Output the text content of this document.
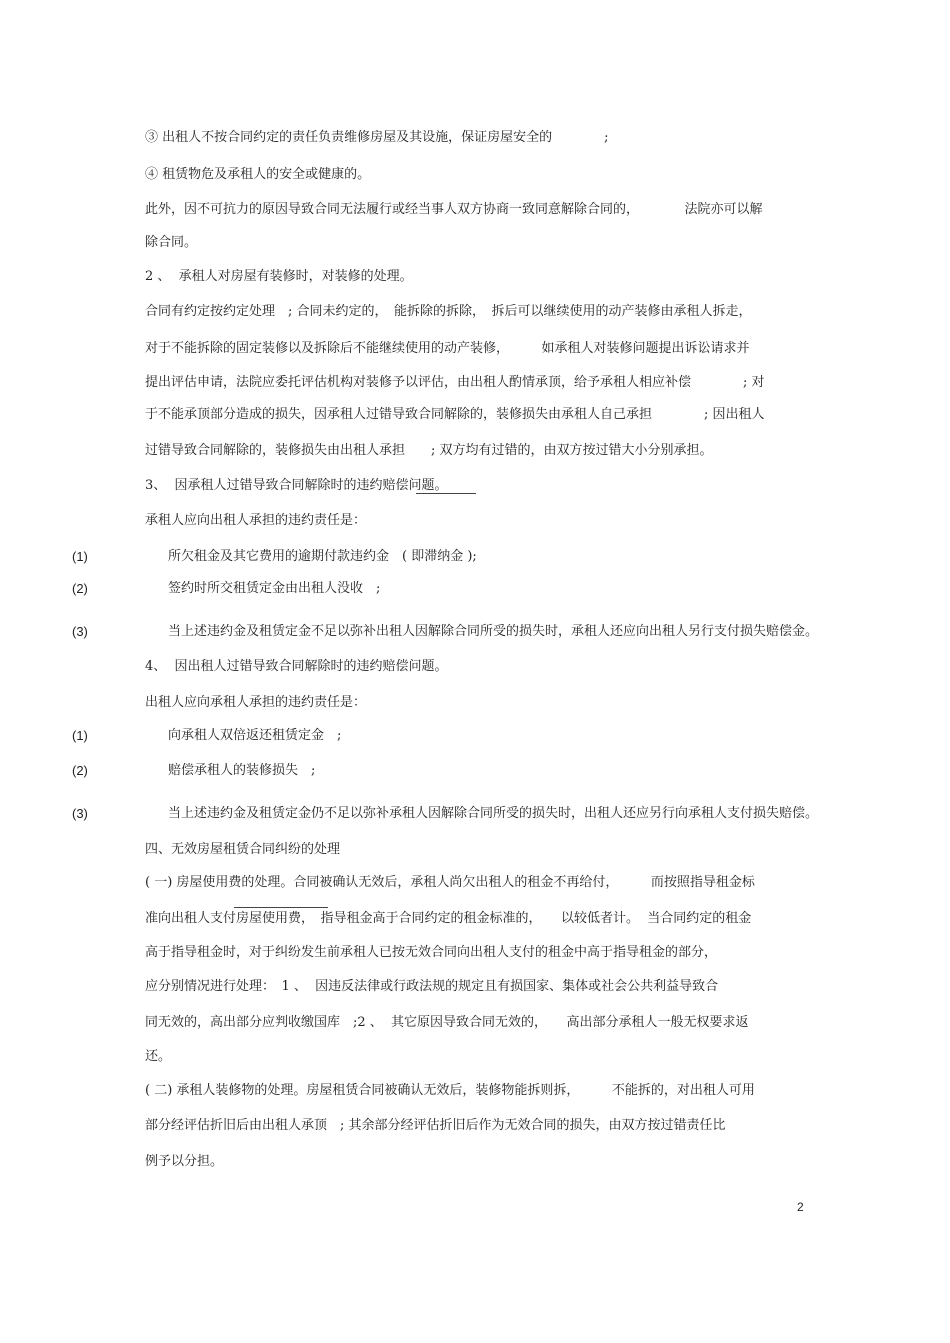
③ 出租人不按合同约定的责任负责维修房屋及其设施，保证房屋安全的　　　　;
④ 租赁物危及承租人的安全或健康的。
此外，因不可抗力的原因导致合同无法履行或经当事人双方协商一致同意解除合同的，　　　　法院亦可以解
除合同。
2 、  承租人对房屋有装修时，对装修的处理。
合同有约定按约定处理　; 合同未约定的，　能拆除的拆除，　拆后可以继续使用的动产装修由承租人拆走，
对于不能拆除的固定装修以及拆除后不能继续使用的动产装修，　　　如承租人对装修问题提出诉讼请求并
提出评估申请，法院应委托评估机构对装修予以评估，由出租人酌情承顶，给予承租人相应补偿　　　　; 对
于不能承顶部分造成的损失，因承租人过错导致合同解除的，装修损失由承租人自己承担　　　　; 因出租人
过错导致合同解除的，装修损失由出租人承担　　; 双方均有过错的，由双方按过错大小分别承担。
3、  因承租人过错导致合同解除时的违约赔偿问题。
承租人应向出租人承担的违约责任是：
(1)	所欠租金及其它费用的逾期付款违约金　( 即滞纳金 );
(2)	签约时所交租赁定金由出租人没收　;
(3)	当上述违约金及租赁定金不足以弥补出租人因解除合同所受的损失时，承租人还应向出租人另行支付损失赔偿金。
4、  因出租人过错导致合同解除时的违约赔偿问题。
出租人应向承租人承担的违约责任是：
(1)	向承租人双倍返还租赁定金　;
(2)	赔偿承租人的装修损失　;
(3)	当上述违约金及租赁定金仍不足以弥补承租人因解除合同所受的损失时，出租人还应另行向承租人支付损失赔偿。
四、无效房屋租赁合同纠纷的处理
( 一) 房屋使用费的处理。合同被确认无效后，承租人尚欠出租人的租金不再给付，　　　而按照指导租金标
准向出租人支付房屋使用费，　指导租金高于合同约定的租金标准的，　　以较低者计。  当合同约定的租金
高于指导租金时，对于纠纷发生前承租人已按无效合同向出租人支付的租金中高于指导租金的部分，
应分别情况进行处理：　1 、  因违反法律或行政法规的规定且有损国家、集体或社会公共利益导致合
同无效的，高出部分应判收缴国库　;2 、  其它原因导致合同无效的，　　高出部分承租人一般无权要求返
还。
( 二) 承租人装修物的处理。房屋租赁合同被确认无效后，装修物能拆则拆，　　　不能拆的，对出租人可用
部分经评估折旧后由出租人承顶　; 其余部分经评估折旧后作为无效合同的损失，由双方按过错责任比
例予以分担。
2
